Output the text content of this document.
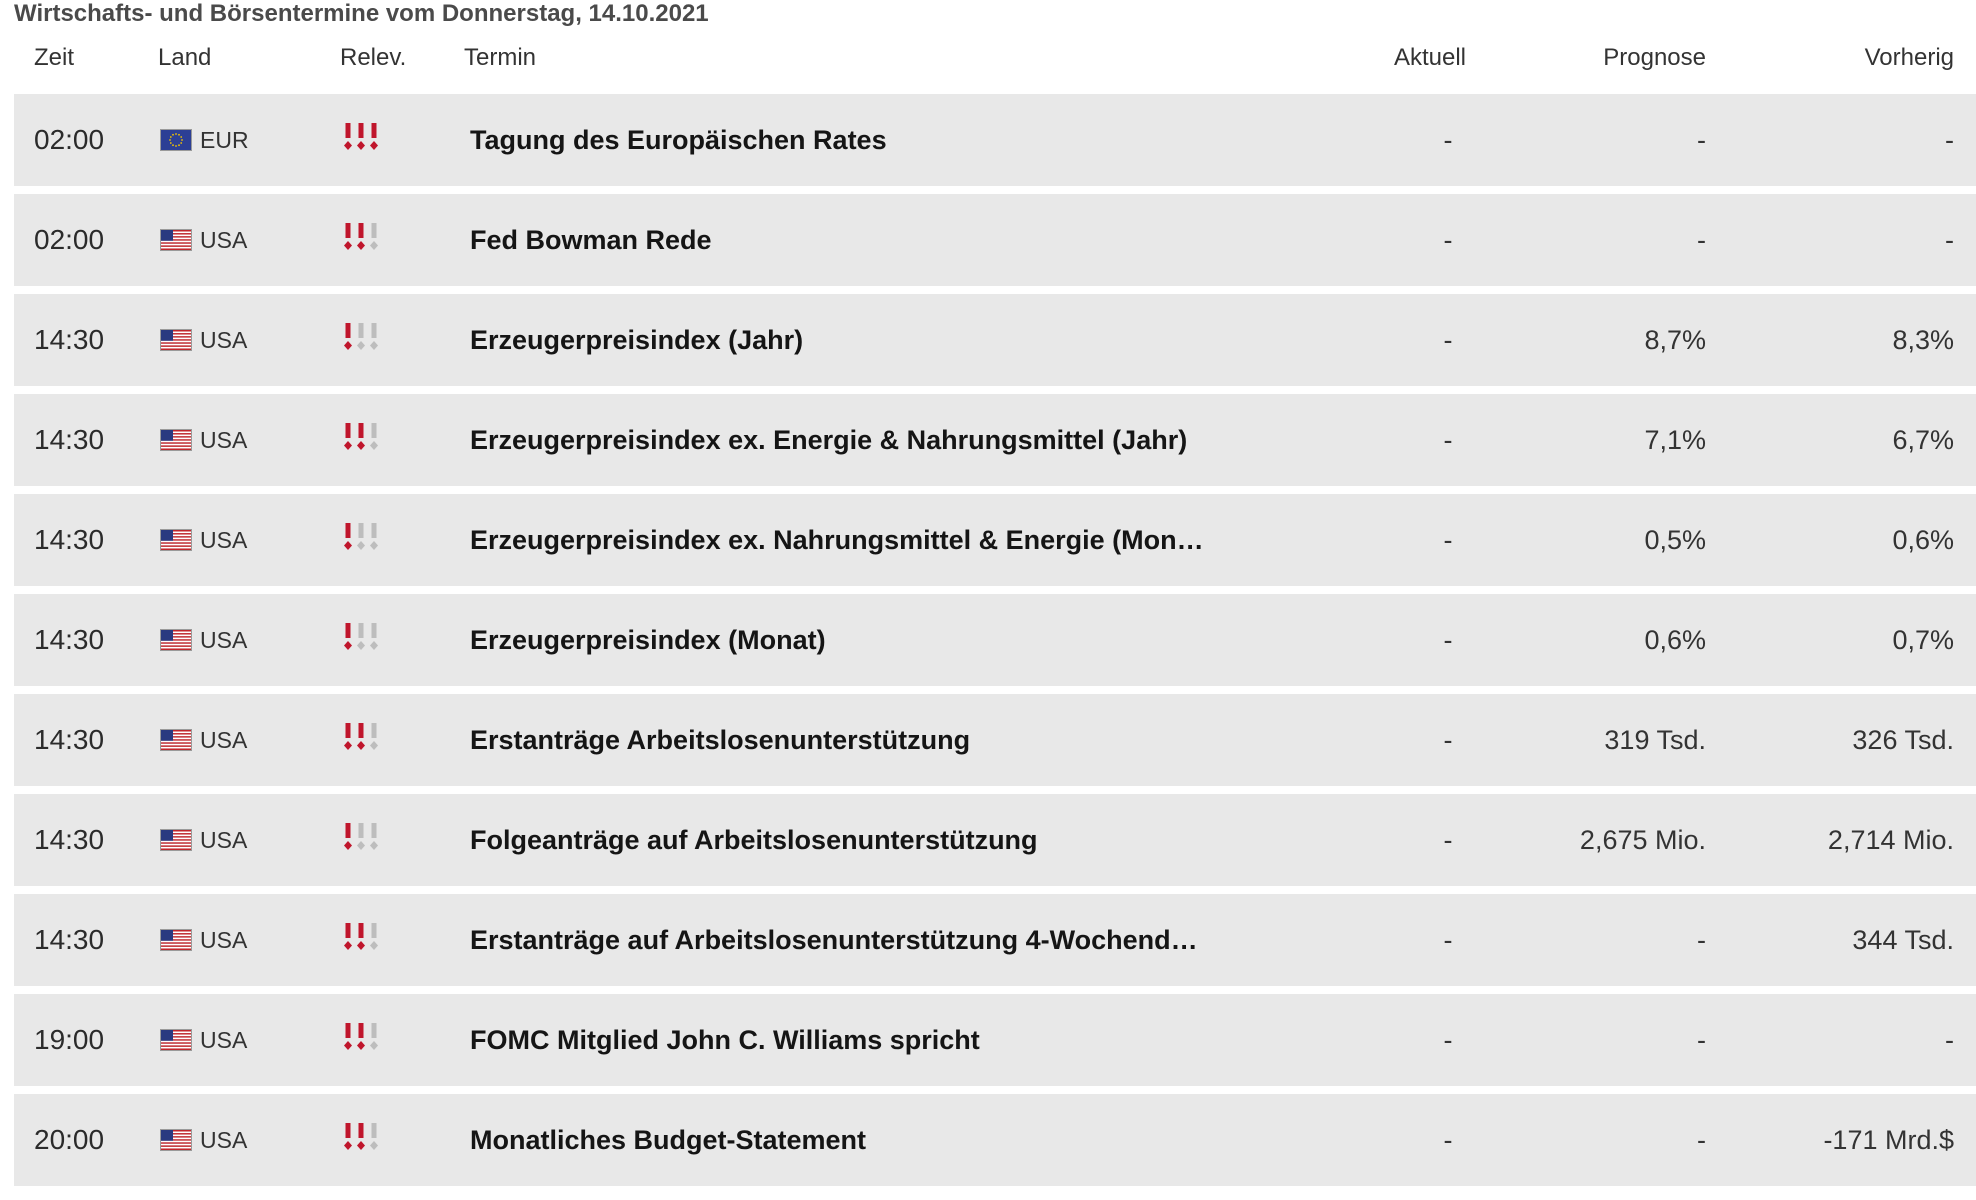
Wirtschafts- und Börsentermine vom Donnerstag, 14.10.2021
Zeit	Land	Relev. Termin	Aktuell	Prognose	Vorherig
02:00	EUR	Tagung des Europäischen Rates	-	-	-
02:00	USA	Fed Bowman Rede	-	-	-
14:30	USA	Erzeugerpreisindex (Jahr)	-	8,7%	8,3%
14:30	USA	Erzeugerpreisindex ex. Energie & Nahrungsmittel (Jahr)	-	7,1%	6,7%
14:30	USA	Erzeugerpreisindex ex. Nahrungsmittel & Energie (Mon…	-	0,5%	0,6%
14:30	USA	Erzeugerpreisindex (Monat)	-	0,6%	0,7%
14:30	USA	Erstanträge Arbeitslosenunterstützung	-	319 Tsd.	326 Tsd.
14:30	USA	Folgeanträge auf Arbeitslosenunterstützung	-	2,675 Mio.	2,714 Mio.
14:30	USA	Erstanträge auf Arbeitslosenunterstützung 4-Wochend…	-	-	344 Tsd.
19:00	USA	FOMC Mitglied John C. Williams spricht	-	-	-
20:00	USA	Monatliches Budget-Statement	-	-	-171 Mrd.$
